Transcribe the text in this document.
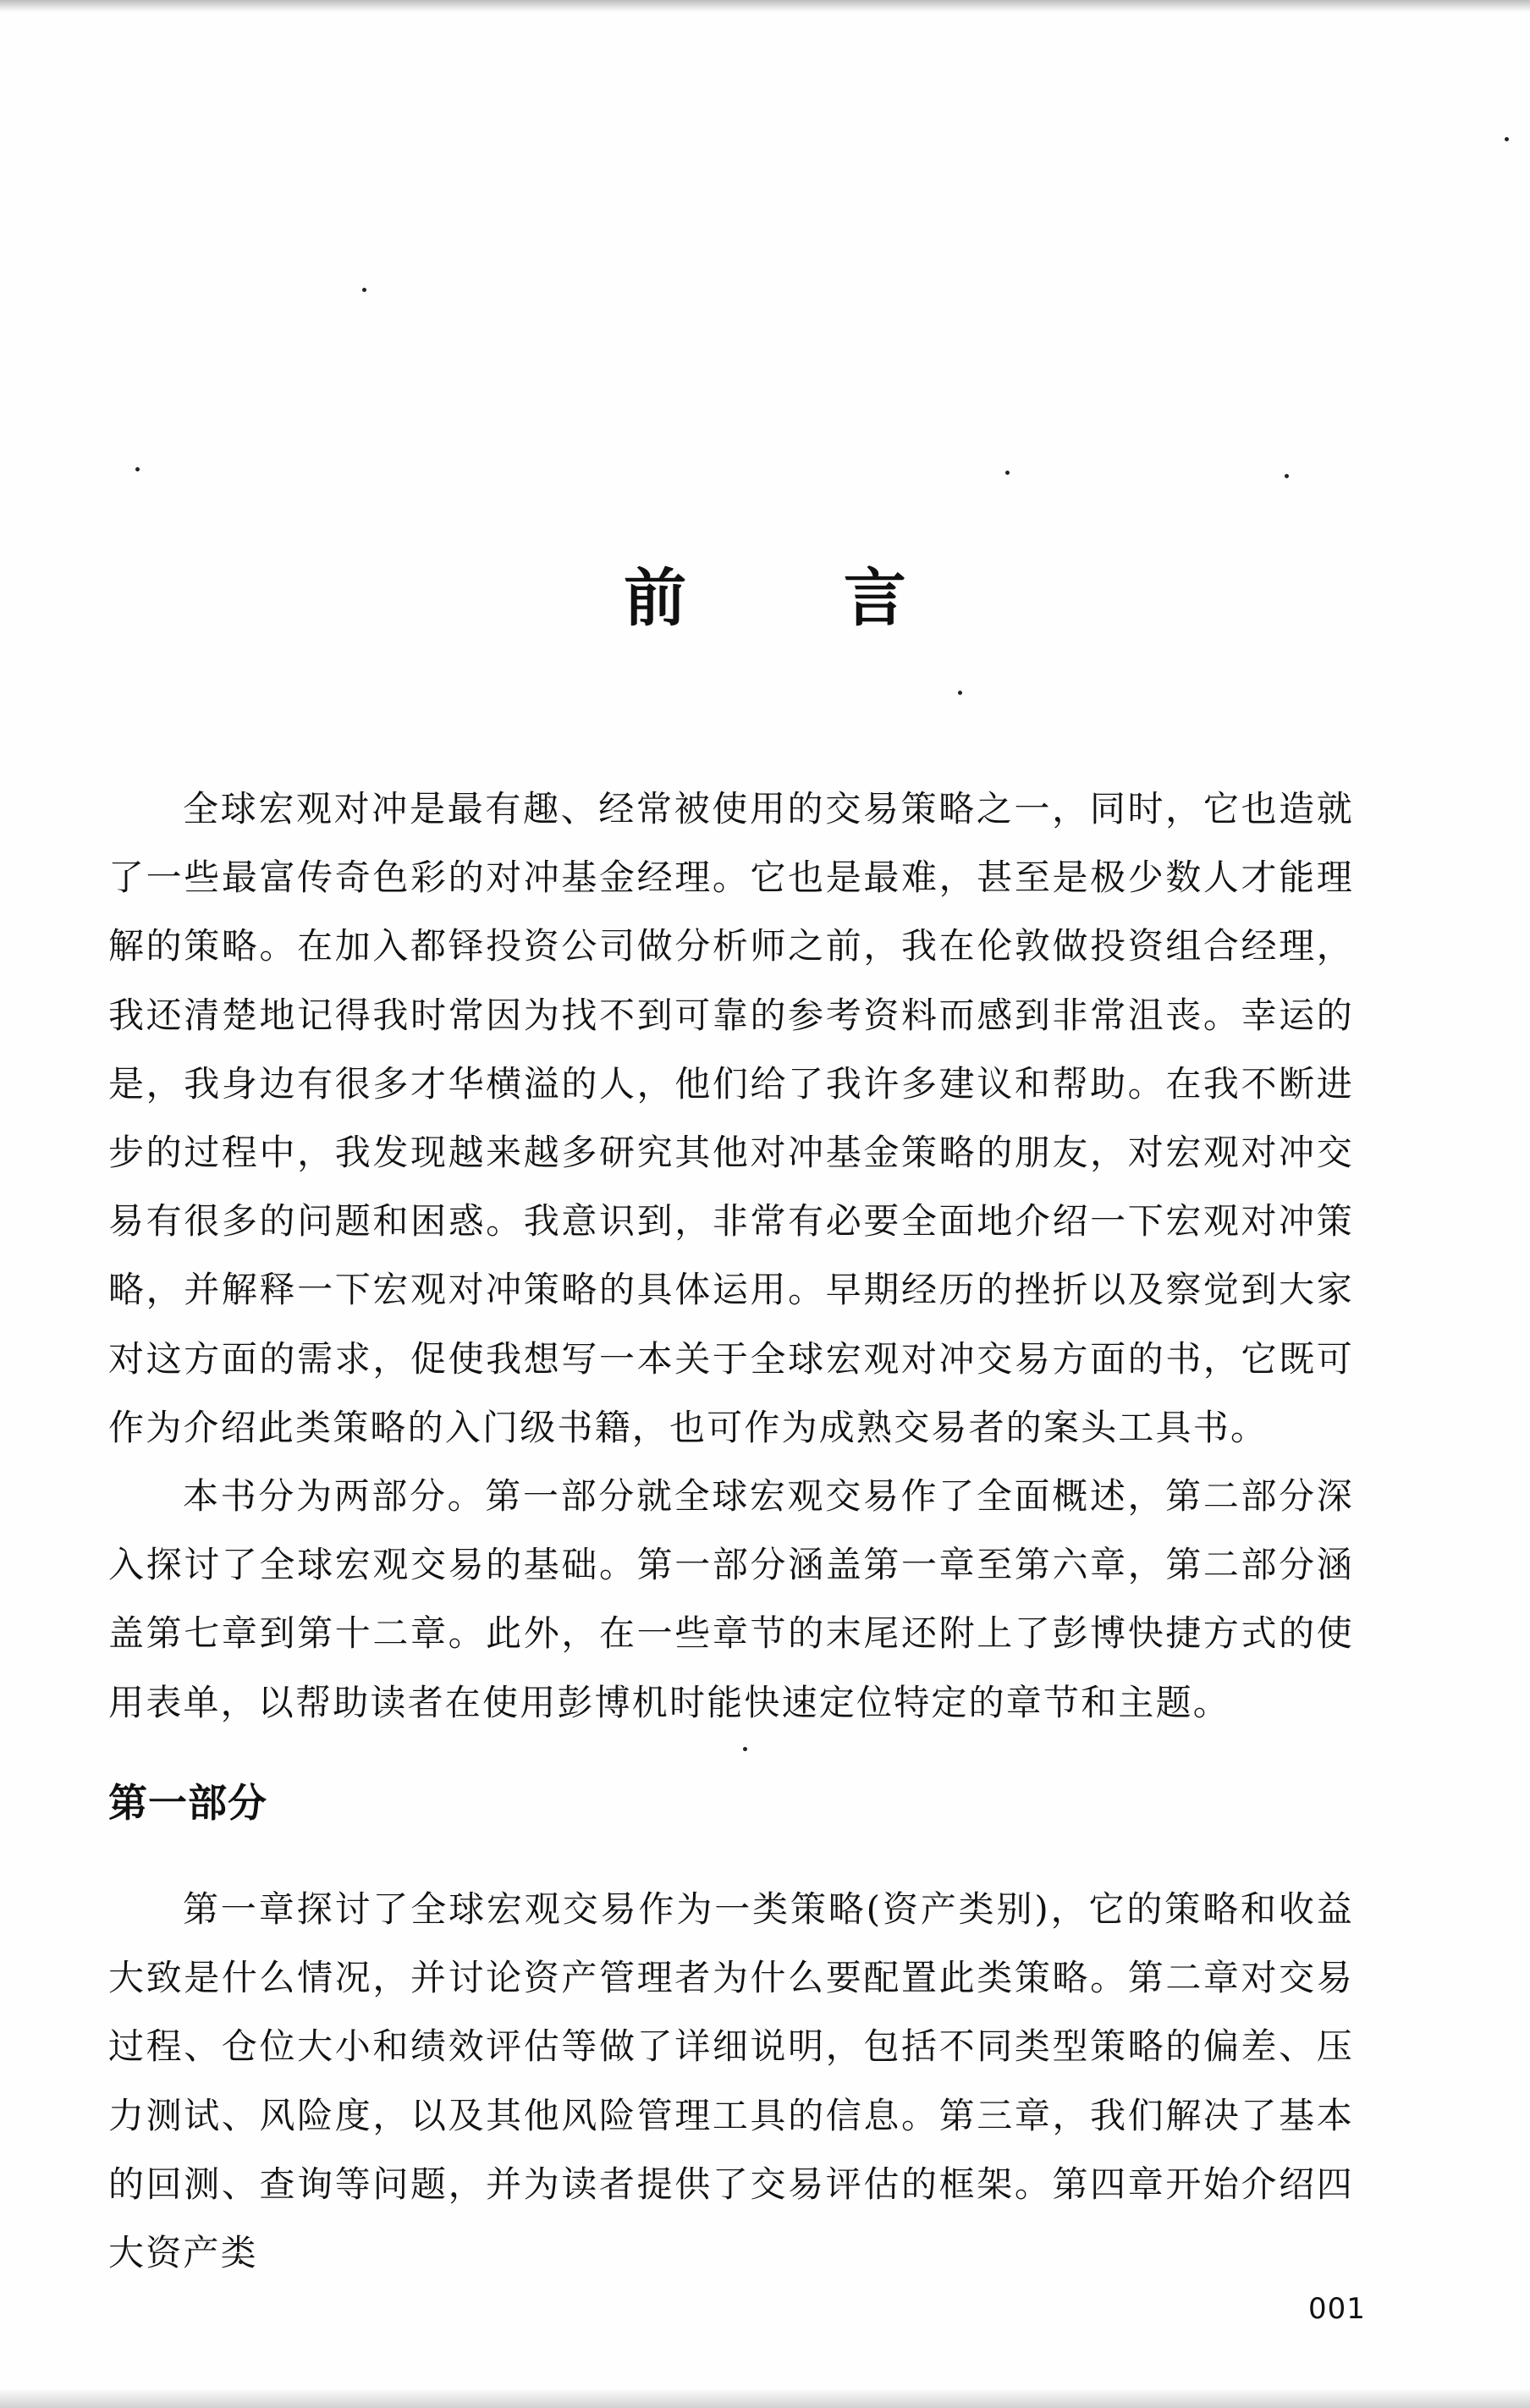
前 言

全球宏观对冲是最有趣、经常被使用的交易策略之一，同时，它也造就了一些最富传奇色彩的对冲基金经理。它也是最难，甚至是极少数人才能理解的策略。在加入都铎投资公司做分析师之前，我在伦敦做投资组合经理，我还清楚地记得我时常因为找不到可靠的参考资料而感到非常沮丧。幸运的是，我身边有很多才华横溢的人，他们给了我许多建议和帮助。在我不断进步的过程中，我发现越来越多研究其他对冲基金策略的朋友，对宏观对冲交易有很多的问题和困惑。我意识到，非常有必要全面地介绍一下宏观对冲策略，并解释一下宏观对冲策略的具体运用。早期经历的挫折以及察觉到大家对这方面的需求，促使我想写一本关于全球宏观对冲交易方面的书，它既可作为介绍此类策略的入门级书籍，也可作为成熟交易者的案头工具书。

本书分为两部分。第一部分就全球宏观交易作了全面概述，第二部分深入探讨了全球宏观交易的基础。第一部分涵盖第一章至第六章，第二部分涵盖第七章到第十二章。此外，在一些章节的末尾还附上了彭博快捷方式的使用表单，以帮助读者在使用彭博机时能快速定位特定的章节和主题。

第一部分

第一章探讨了全球宏观交易作为一类策略(资产类别)，它的策略和收益大致是什么情况，并讨论资产管理者为什么要配置此类策略。第二章对交易过程、仓位大小和绩效评估等做了详细说明，包括不同类型策略的偏差、压力测试、风险度，以及其他风险管理工具的信息。第三章，我们解决了基本的回测、查询等问题，并为读者提供了交易评估的框架。第四章开始介绍四大资产类

001
